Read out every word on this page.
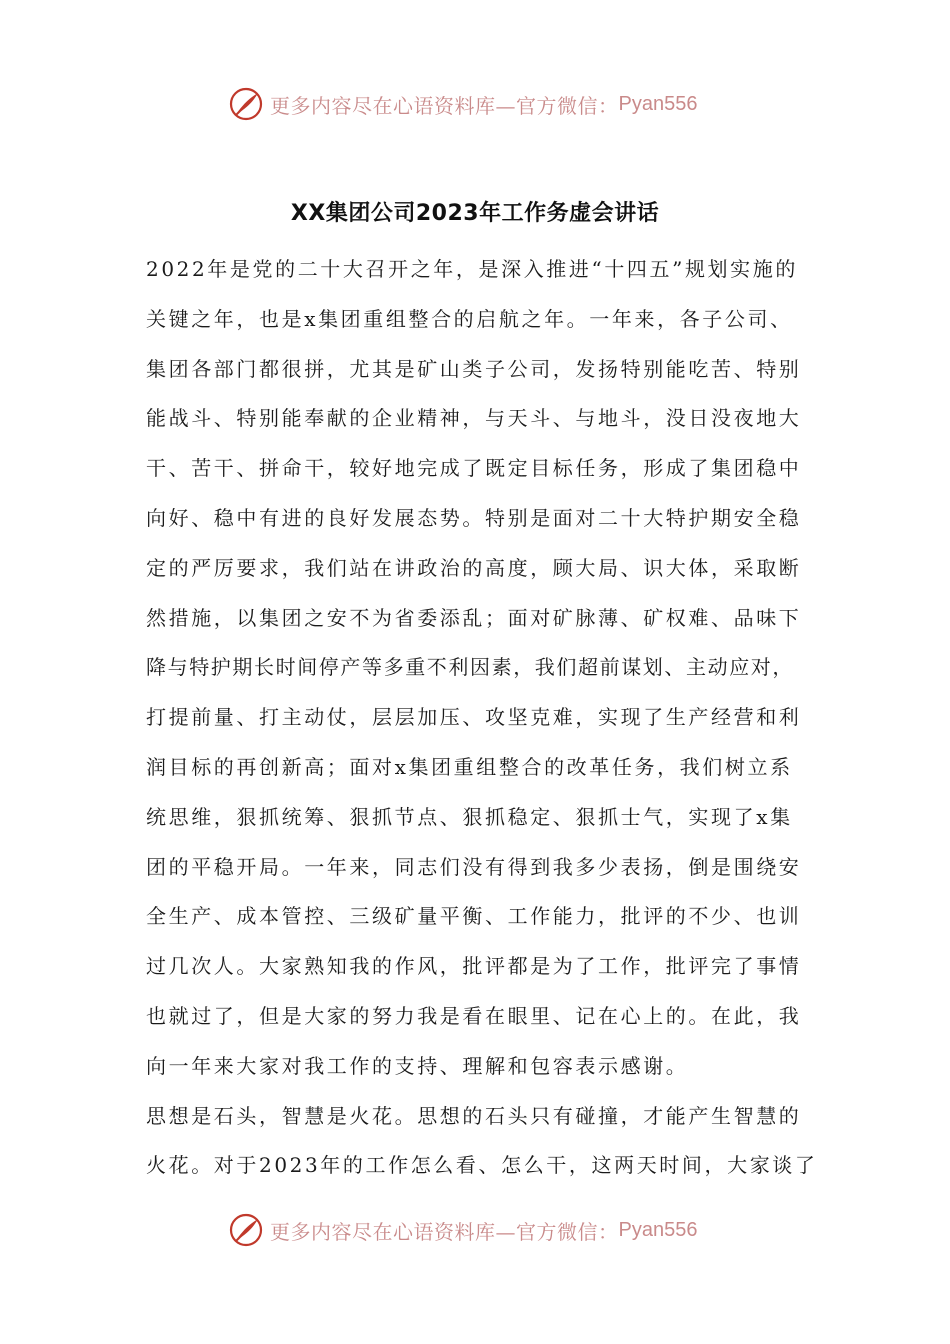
更多内容尽在心语资料库—官方微信： Pyan556
XX集团公司2023年工作务虚会讲话
2022年是党的二十大召开之年，是深入推进“十四五”规划实施的
关键之年，也是x集团重组整合的启航之年。一年来，各子公司、
集团各部门都很拼，尤其是矿山类子公司，发扬特别能吃苦、特别
能战斗、特别能奉献的企业精神，与天斗、与地斗，没日没夜地大
干、苦干、拼命干，较好地完成了既定目标任务，形成了集团稳中
向好、稳中有进的良好发展态势。特别是面对二十大特护期安全稳
定的严厉要求，我们站在讲政治的高度，顾大局、识大体，采取断
然措施，以集团之安不为省委添乱；面对矿脉薄、矿权难、品味下
降与特护期长时间停产等多重不利因素，我们超前谋划、主动应对，
打提前量、打主动仗，层层加压、攻坚克难，实现了生产经营和利
润目标的再创新高；面对x集团重组整合的改革任务，我们树立系
统思维，狠抓统筹、狠抓节点、狠抓稳定、狠抓士气，实现了x集
团的平稳开局。一年来，同志们没有得到我多少表扬，倒是围绕安
全生产、成本管控、三级矿量平衡、工作能力，批评的不少、也训
过几次人。大家熟知我的作风，批评都是为了工作，批评完了事情
也就过了，但是大家的努力我是看在眼里、记在心上的。在此，我
向一年来大家对我工作的支持、理解和包容表示感谢。
思想是石头，智慧是火花。思想的石头只有碰撞，才能产生智慧的
火花。对于2023年的工作怎么看、怎么干，这两天时间，大家谈了
更多内容尽在心语资料库—官方微信： Pyan556
